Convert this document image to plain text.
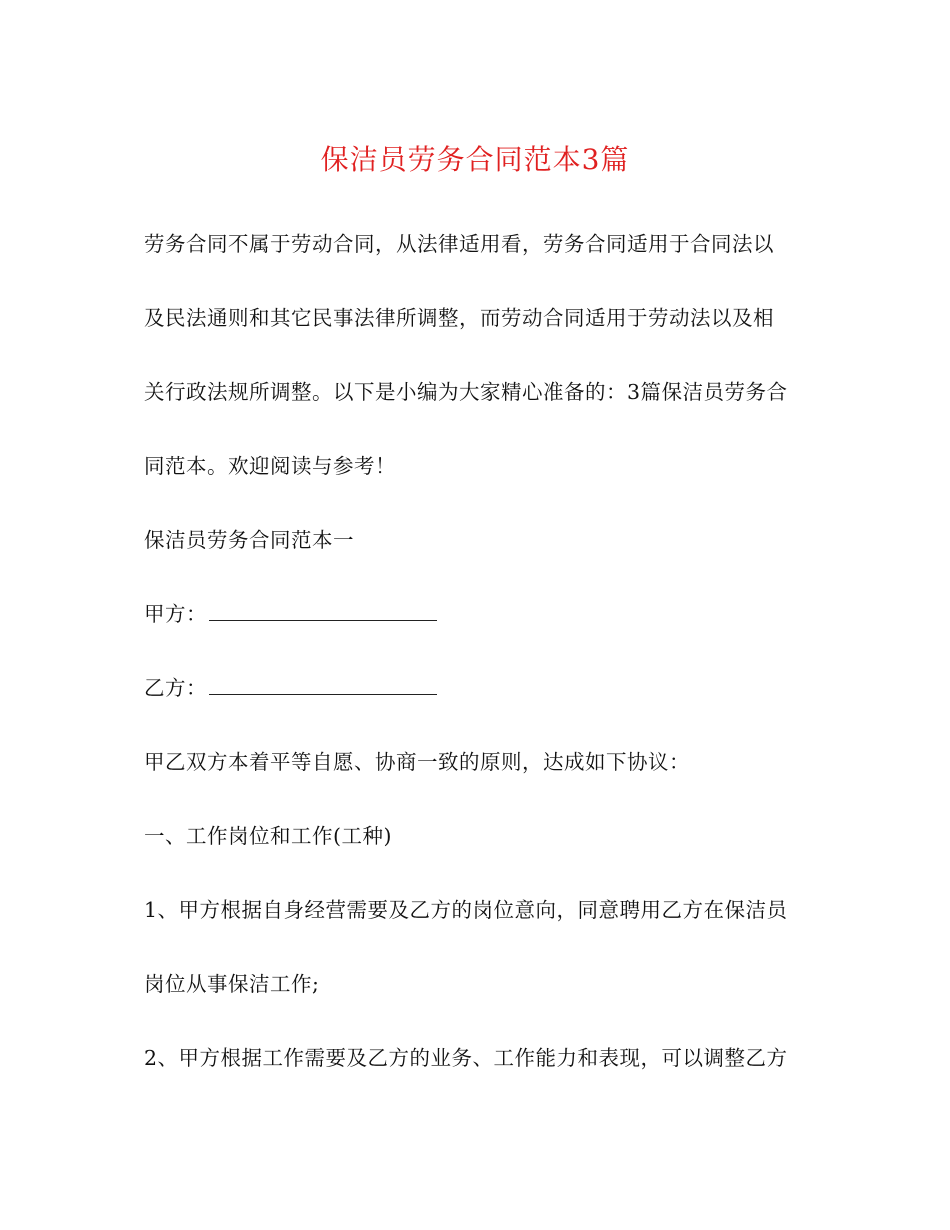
保洁员劳务合同范本3篇
劳务合同不属于劳动合同，从法律适用看，劳务合同适用于合同法以
及民法通则和其它民事法律所调整，而劳动合同适用于劳动法以及相
关行政法规所调整。以下是小编为大家精心准备的：3篇保洁员劳务合
同范本。欢迎阅读与参考！
保洁员劳务合同范本一
甲方：
乙方：
甲乙双方本着平等自愿、协商一致的原则，达成如下协议：
一、工作岗位和工作(工种)
1、甲方根据自身经营需要及乙方的岗位意向，同意聘用乙方在保洁员
岗位从事保洁工作;
2、甲方根据工作需要及乙方的业务、工作能力和表现，可以调整乙方
